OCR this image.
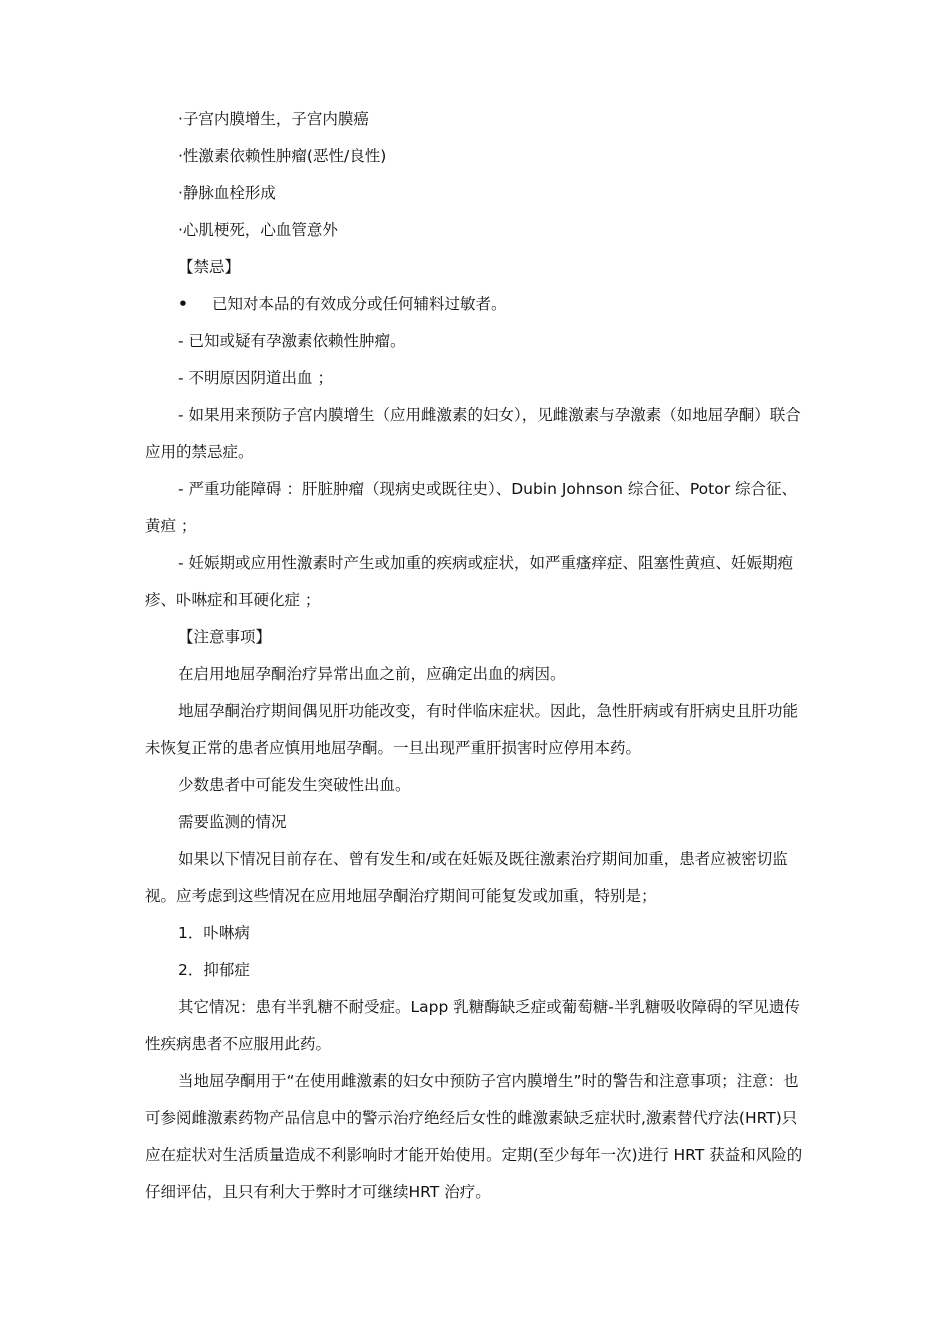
·子宫内膜增生，子宫内膜癌

·性激素依赖性肿瘤(恶性/良性)

·静脉血栓形成

·心肌梗死，心血管意外

【禁忌】

•	已知对本品的有效成分或任何辅料过敏者。

- 已知或疑有孕激素依赖性肿瘤。

- 不明原因阴道出血 ；

- 如果用来预防子宫内膜增生（应用雌激素的妇女），见雌激素与孕激素（如地屈孕酮）联合应用的禁忌症。

- 严重功能障碍 ：肝脏肿瘤（现病史或既往史）、Dubin Johnson 综合征、Potor 综合征、黄疸 ；

- 妊娠期或应用性激素时产生或加重的疾病或症状，如严重瘙痒症、阻塞性黄疸、妊娠期疱疹、卟啉症和耳硬化症 ；

【注意事项】

在启用地屈孕酮治疗异常出血之前，应确定出血的病因。

地屈孕酮治疗期间偶见肝功能改变，有时伴临床症状。因此，急性肝病或有肝病史且肝功能未恢复正常的患者应慎用地屈孕酮。一旦出现严重肝损害时应停用本药。

少数患者中可能发生突破性出血。

需要监测的情况

如果以下情况目前存在、曾有发生和/或在妊娠及既往激素治疗期间加重，患者应被密切监视。应考虑到这些情况在应用地屈孕酮治疗期间可能复发或加重，特别是；

1．卟啉病

2．抑郁症

其它情况：患有半乳糖不耐受症。Lapp 乳糖酶缺乏症或葡萄糖-半乳糖吸收障碍的罕见遗传性疾病患者不应服用此药。

当地屈孕酮用于“在使用雌激素的妇女中预防子宫内膜增生”时的警告和注意事项；注意：也可参阅雌激素药物产品信息中的警示治疗绝经后女性的雌激素缺乏症状时,激素替代疗法(HRT)只应在症状对生活质量造成不利影响时才能开始使用。定期(至少每年一次)进行 HRT 获益和风险的仔细评估，且只有利大于弊时才可继续HRT 治疗。
